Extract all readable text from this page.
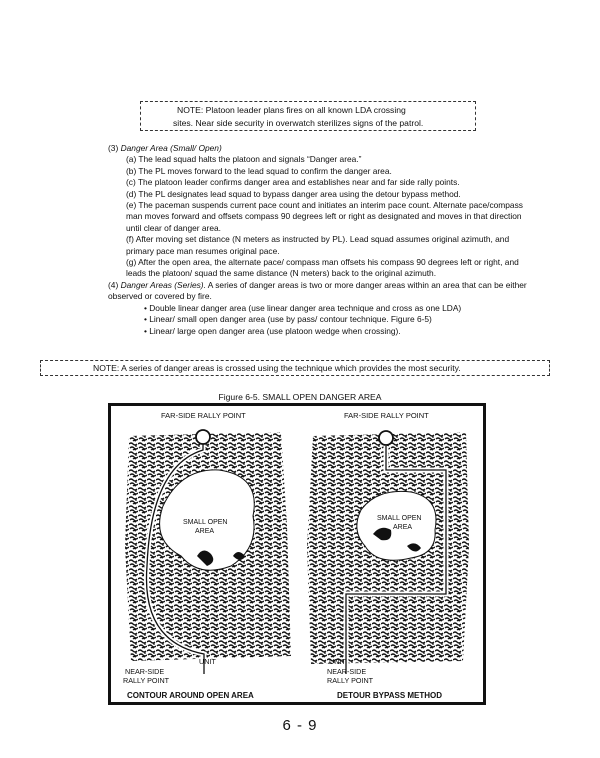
NOTE: Platoon leader plans fires on all known LDA crossing
sites. Near side security in overwatch sterilizes signs of the patrol.

(3) Danger Area (Small/ Open)

(a) The lead squad halts the platoon and signals “Danger area.”

(b) The PL moves forward to the lead squad to confirm the danger area.

(c) The platoon leader confirms danger area and establishes near and far side rally points.

(d) The PL designates lead squad to bypass danger area using the detour bypass method.

(e) The paceman suspends current pace count and initiates an interim pace count. Alternate pace/compass

man moves forward and offsets compass 90 degrees left or right as designated and moves in that direction

until clear of danger area.

(f) After moving set distance (N meters as instructed by PL). Lead squad assumes original azimuth, and

primary pace man resumes original pace.

(g) After the open area, the alternate pace/ compass man offsets his compass 90 degrees left or right, and

leads the platoon/ squad the same distance (N meters) back to the original azimuth.

(4) Danger Areas (Series). A series of danger areas is two or more danger areas within an area that can be either

observed or covered by fire.

• Double linear danger area (use linear danger area technique and cross as one LDA)

• Linear/ small open danger area (use by pass/ contour technique. Figure 6-5)

• Linear/ large open danger area (use platoon wedge when crossing).

NOTE: A series of danger areas is crossed using the technique which provides the most security.
Figure 6-5. SMALL OPEN DANGER AREA
FAR-SIDE RALLY POINT
SMALL OPEN
AREA
UNIT
NEAR-SIDE
RALLY POINT
CONTOUR AROUND OPEN AREA
FAR-SIDE RALLY POINT
SMALL OPEN
AREA
UNIT
NEAR-SIDE
RALLY POINT
DETOUR BYPASS METHOD
6 - 9
